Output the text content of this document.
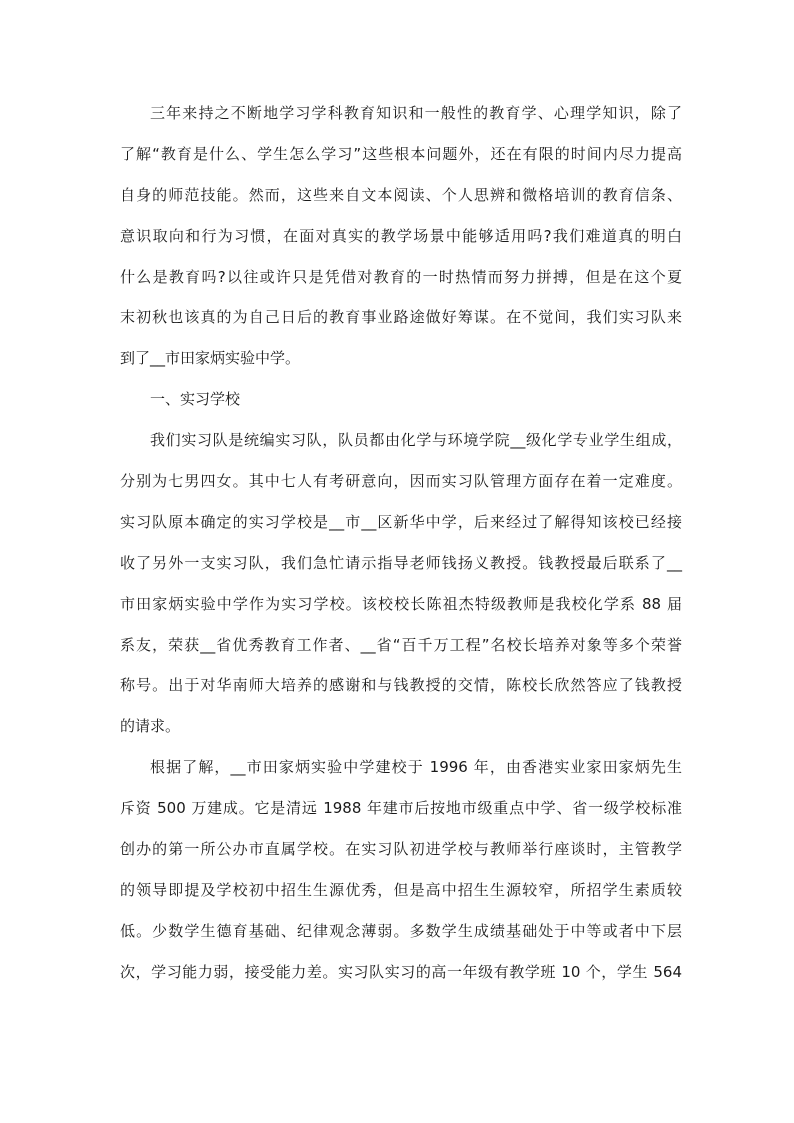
三年来持之不断地学习学科教育知识和一般性的教育学、心理学知识，除了
了解“教育是什么、学生怎么学习”这些根本问题外，还在有限的时间内尽力提高
自身的师范技能。然而，这些来自文本阅读、个人思辨和微格培训的教育信条、
意识取向和行为习惯，在面对真实的教学场景中能够适用吗?我们难道真的明白
什么是教育吗?以往或许只是凭借对教育的一时热情而努力拼搏，但是在这个夏
末初秋也该真的为自己日后的教育事业路途做好筹谋。在不觉间，我们实习队来
到了__市田家炳实验中学。
一、实习学校
我们实习队是统编实习队，队员都由化学与环境学院__级化学专业学生组成，
分别为七男四女。其中七人有考研意向，因而实习队管理方面存在着一定难度。
实习队原本确定的实习学校是__市__区新华中学，后来经过了解得知该校已经接
收了另外一支实习队，我们急忙请示指导老师钱扬义教授。钱教授最后联系了__
市田家炳实验中学作为实习学校。该校校长陈祖杰特级教师是我校化学系 88 届
系友，荣获__省优秀教育工作者、__省“百千万工程”名校长培养对象等多个荣誉
称号。出于对华南师大培养的感谢和与钱教授的交情，陈校长欣然答应了钱教授
的请求。
根据了解，__市田家炳实验中学建校于 1996 年，由香港实业家田家炳先生
斥资 500 万建成。它是清远 1988 年建市后按地市级重点中学、省一级学校标准
创办的第一所公办市直属学校。在实习队初进学校与教师举行座谈时，主管教学
的领导即提及学校初中招生生源优秀，但是高中招生生源较窄，所招学生素质较
低。少数学生德育基础、纪律观念薄弱。多数学生成绩基础处于中等或者中下层
次，学习能力弱，接受能力差。实习队实习的高一年级有教学班 10 个，学生 564
